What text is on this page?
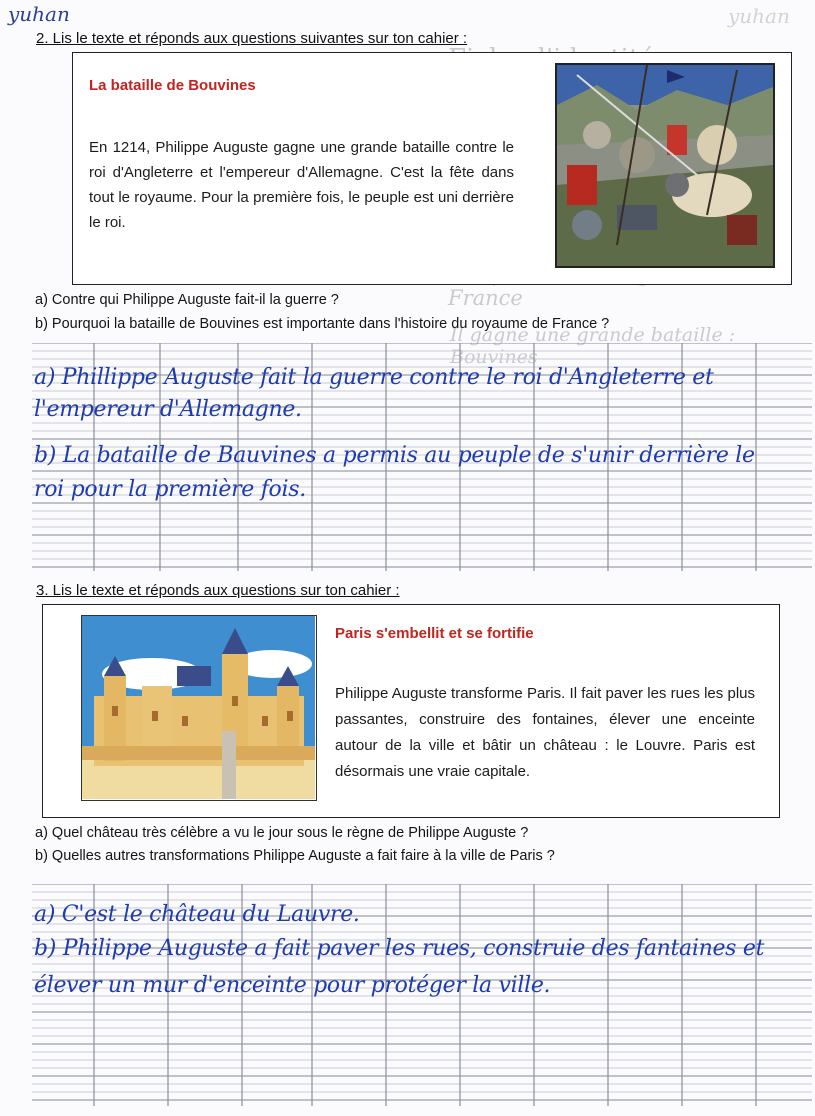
yuhan
France
Il gagne une grande bataille : Bouvines
yuhan
2. Lis le texte et réponds aux questions suivantes sur ton cahier :
La bataille de Bouvines
En 1214, Philippe Auguste gagne une grande bataille contre le roi d'Angleterre et l'empereur d'Allemagne. C'est la fête dans tout le royaume. Pour la première fois, le peuple est uni derrière le roi.
a) Contre qui Philippe Auguste fait-il la guerre ?
b) Pourquoi la bataille de Bouvines est importante dans l'histoire du royaume de France ?
a) Phillippe Auguste fait la guerre contre le roi d'Angleterre et
l'empereur d'Allemagne.
b) La bataille de Bauvines a permis au peuple de s'unir derrière le
roi pour la première fois.
3. Lis le texte et réponds aux questions sur ton cahier :
Paris s'embellit et se fortifie
Philippe Auguste transforme Paris. Il fait paver les rues les plus passantes, construire des fontaines, élever une enceinte autour de la ville et bâtir un château : le Louvre. Paris est désormais une vraie capitale.
a) Quel château très célèbre a vu le jour sous le règne de Philippe Auguste ?
b) Quelles autres transformations Philippe Auguste a fait faire à la ville de Paris ?
a) C'est le château du Lauvre.
b) Philippe Auguste a fait paver les rues, construie des fantaines et
élever un mur d'enceinte pour protéger la ville.
